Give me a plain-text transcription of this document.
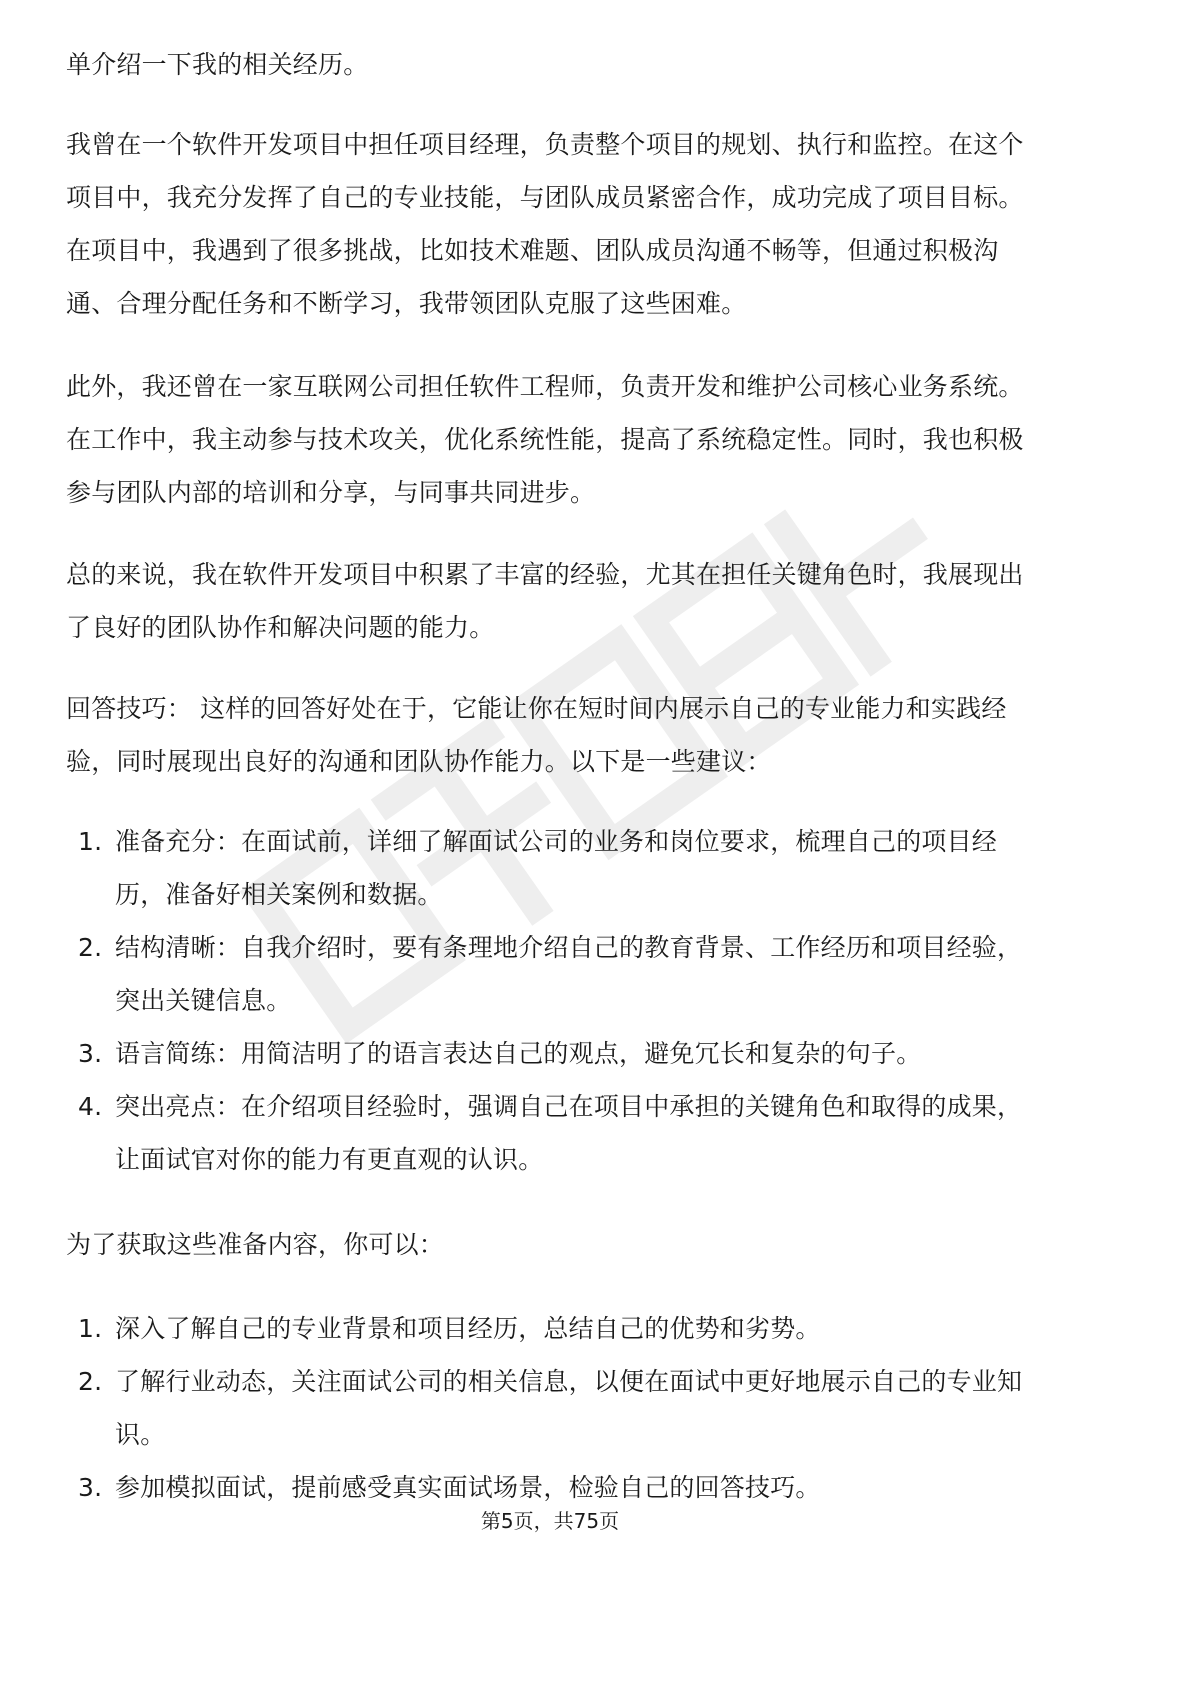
单介绍一下我的相关经历。

我曾在一个软件开发项目中担任项目经理，负责整个项目的规划、执行和监控。在这个项目中，我充分发挥了自己的专业技能，与团队成员紧密合作，成功完成了项目目标。在项目中，我遇到了很多挑战，比如技术难题、团队成员沟通不畅等，但通过积极沟通、合理分配任务和不断学习，我带领团队克服了这些困难。

此外，我还曾在一家互联网公司担任软件工程师，负责开发和维护公司核心业务系统。在工作中，我主动参与技术攻关，优化系统性能，提高了系统稳定性。同时，我也积极参与团队内部的培训和分享，与同事共同进步。

总的来说，我在软件开发项目中积累了丰富的经验，尤其在担任关键角色时，我展现出了良好的团队协作和解决问题的能力。

回答技巧： 这样的回答好处在于，它能让你在短时间内展示自己的专业能力和实践经验，同时展现出良好的沟通和团队协作能力。以下是一些建议：

1. 准备充分：在面试前，详细了解面试公司的业务和岗位要求，梳理自己的项目经历，准备好相关案例和数据。
2. 结构清晰：自我介绍时，要有条理地介绍自己的教育背景、工作经历和项目经验，突出关键信息。
3. 语言简练：用简洁明了的语言表达自己的观点，避免冗长和复杂的句子。
4. 突出亮点：在介绍项目经验时，强调自己在项目中承担的关键角色和取得的成果，让面试官对你的能力有更直观的认识。

为了获取这些准备内容，你可以：

1. 深入了解自己的专业背景和项目经历，总结自己的优势和劣势。
2. 了解行业动态，关注面试公司的相关信息，以便在面试中更好地展示自己的专业知识。
3. 参加模拟面试，提前感受真实面试场景，检验自己的回答技巧。
第5页，共75页
